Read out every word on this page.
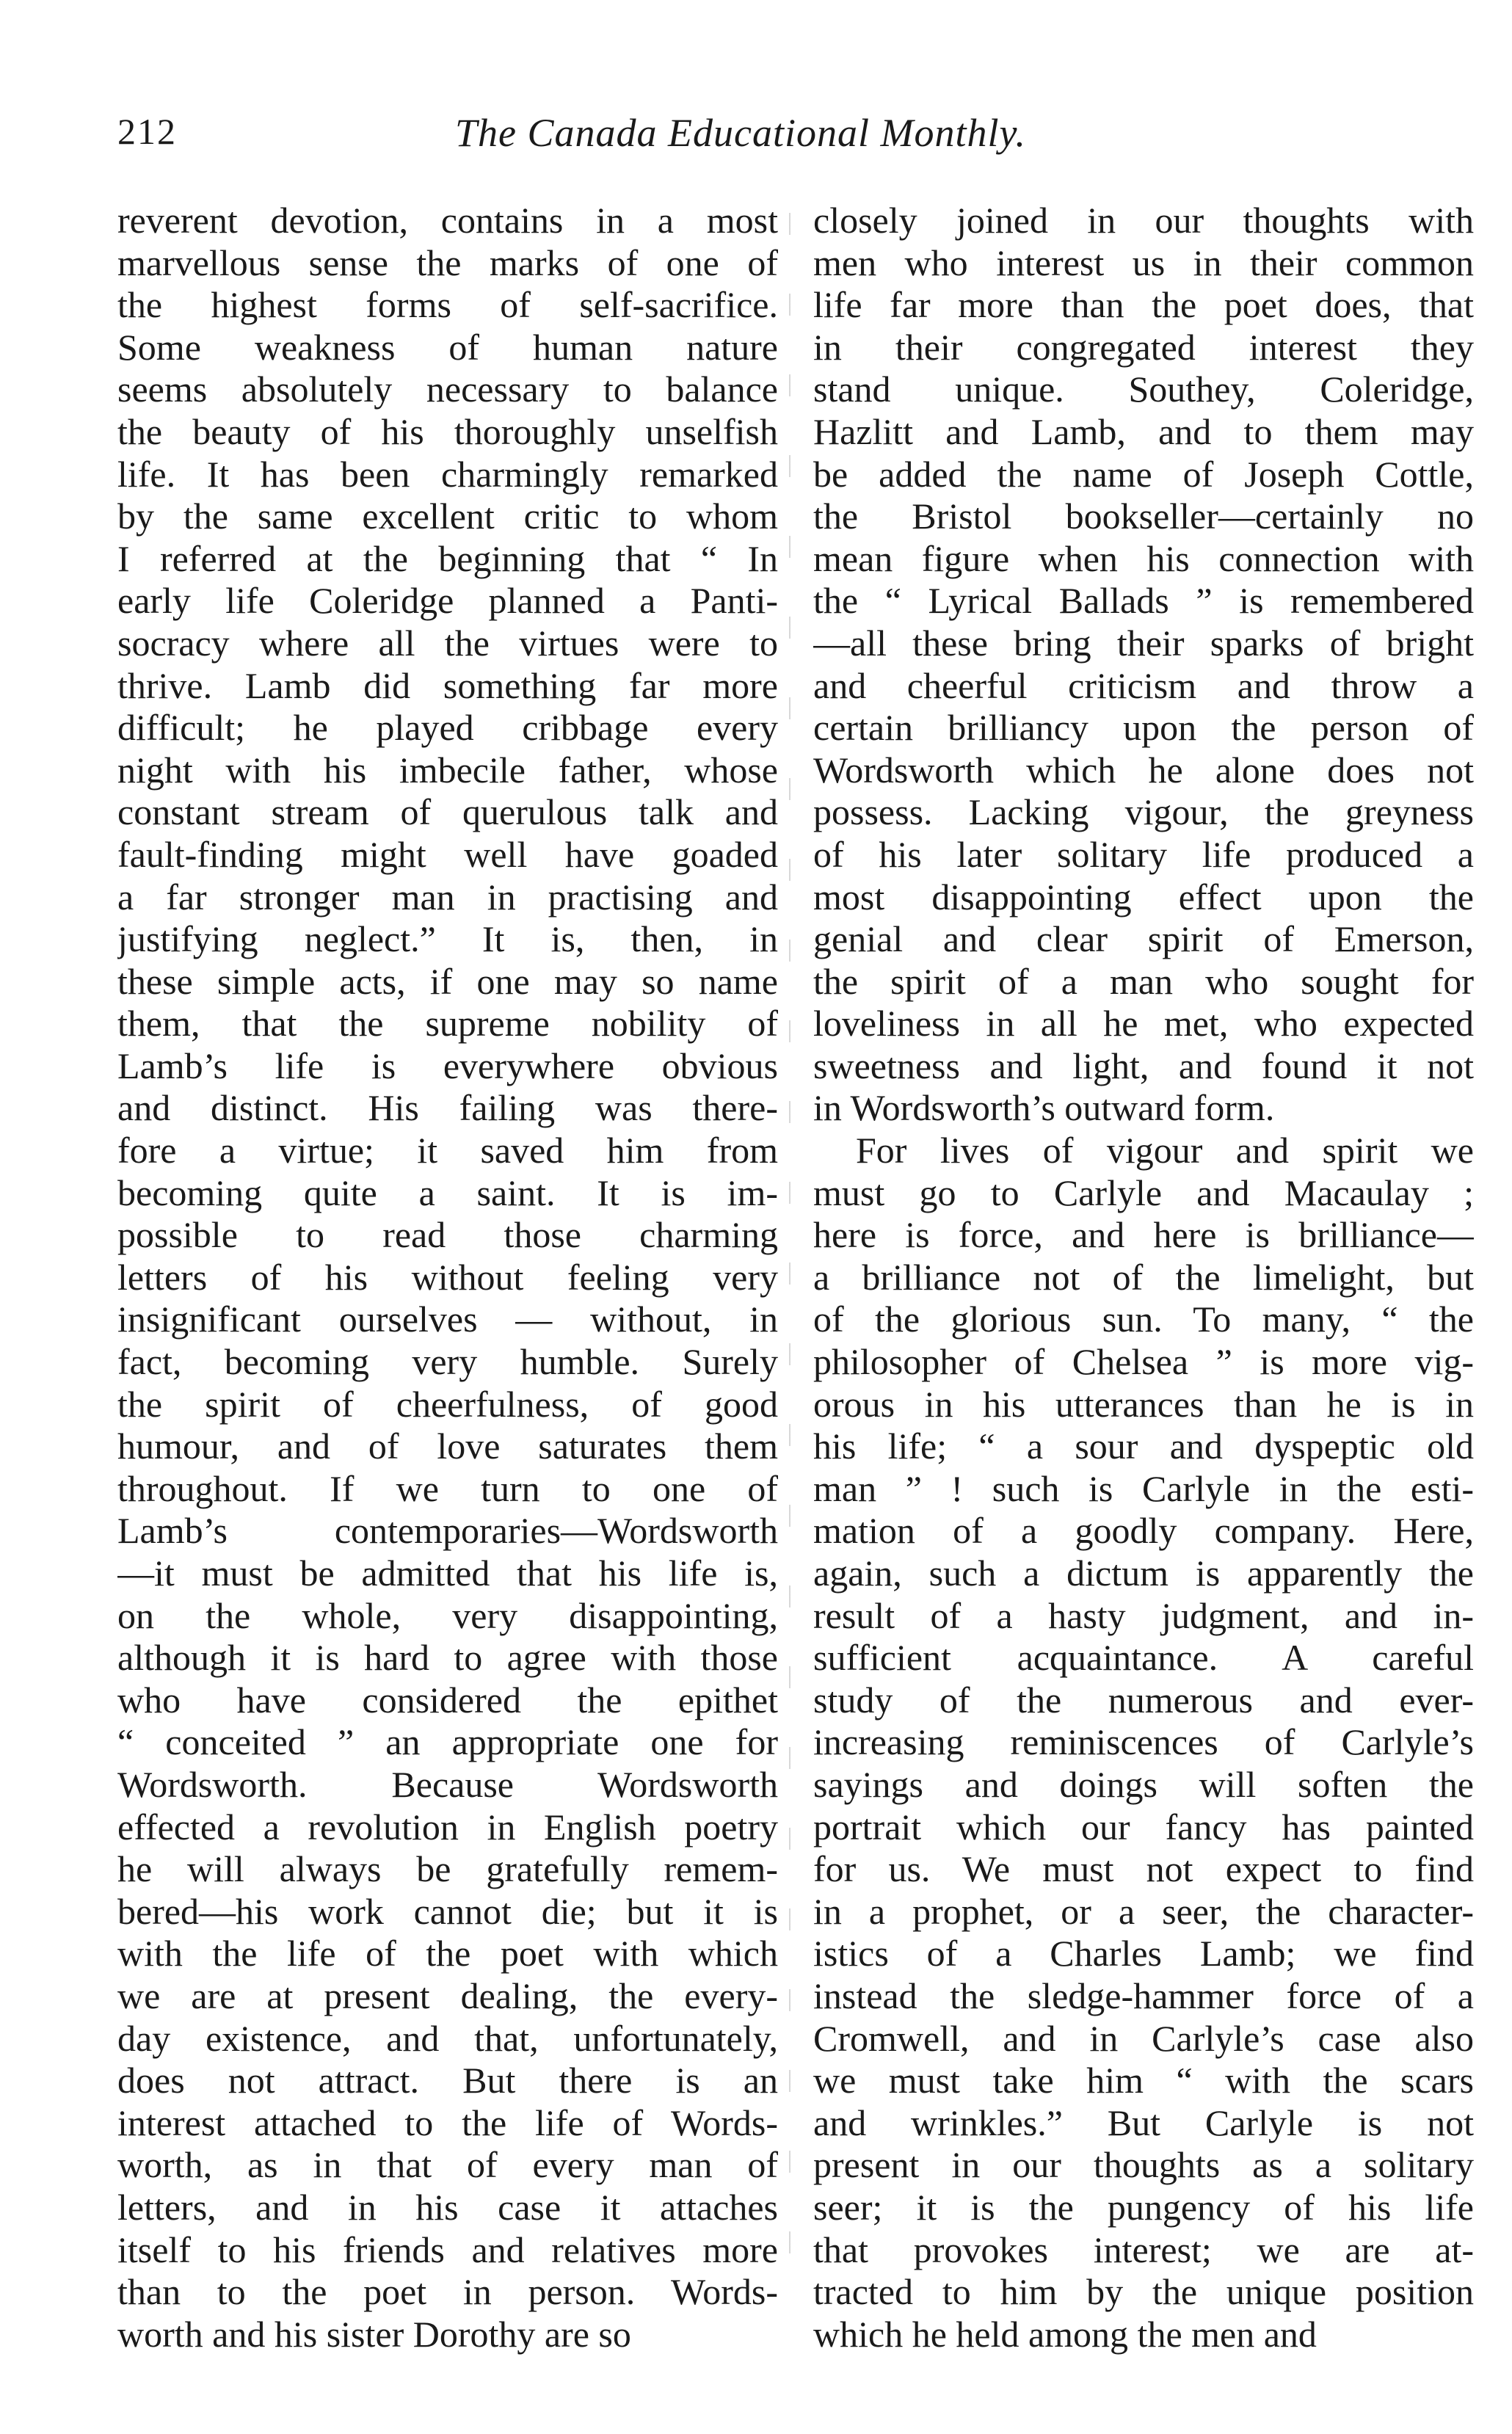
212	The Canada Educational Monthly.
reverent devotion, contains in a most
marvellous sense the marks of one of
the highest forms of self-sacrifice.
Some weakness of human nature
seems absolutely necessary to balance
the beauty of his thoroughly unselfish
life. It has been charmingly remarked
by the same excellent critic to whom
I referred at the beginning that “ In
early life Coleridge planned a Panti-
socracy where all the virtues were to
thrive. Lamb did something far more
difficult; he played cribbage every
night with his imbecile father, whose
constant stream of querulous talk and
fault-finding might well have goaded
a far stronger man in practising and
justifying neglect.” It is, then, in
these simple acts, if one may so name
them, that the supreme nobility of
Lamb’s life is everywhere obvious
and distinct. His failing was there-
fore a virtue; it saved him from
becoming quite a saint. It is im-
possible to read those charming
letters of his without feeling very
insignificant ourselves — without, in
fact, becoming very humble. Surely
the spirit of cheerfulness, of good
humour, and of love saturates them
throughout. If we turn to one of
Lamb’s contemporaries—Wordsworth
—it must be admitted that his life is,
on the whole, very disappointing,
although it is hard to agree with those
who have considered the epithet
“ conceited ” an appropriate one for
Wordsworth. Because Wordsworth
effected a revolution in English poetry
he will always be gratefully remem-
bered—his work cannot die; but it is
with the life of the poet with which
we are at present dealing, the every-
day existence, and that, unfortunately,
does not attract. But there is an
interest attached to the life of Words-
worth, as in that of every man of
letters, and in his case it attaches
itself to his friends and relatives more
than to the poet in person. Words-
worth and his sister Dorothy are so
closely joined in our thoughts with
men who interest us in their common
life far more than the poet does, that
in their congregated interest they
stand unique. Southey, Coleridge,
Hazlitt and Lamb, and to them may
be added the name of Joseph Cottle,
the Bristol bookseller—certainly no
mean figure when his connection with
the “ Lyrical Ballads ” is remembered
—all these bring their sparks of bright
and cheerful criticism and throw a
certain brilliancy upon the person of
Wordsworth which he alone does not
possess. Lacking vigour, the greyness
of his later solitary life produced a
most disappointing effect upon the
genial and clear spirit of Emerson,
the spirit of a man who sought for
loveliness in all he met, who expected
sweetness and light, and found it not
in Wordsworth’s outward form.
For lives of vigour and spirit we
must go to Carlyle and Macaulay ;
here is force, and here is brilliance—
a brilliance not of the limelight, but
of the glorious sun. To many, “ the
philosopher of Chelsea ” is more vig-
orous in his utterances than he is in
his life; “ a sour and dyspeptic old
man ” ! such is Carlyle in the esti-
mation of a goodly company. Here,
again, such a dictum is apparently the
result of a hasty judgment, and in-
sufficient acquaintance. A careful
study of the numerous and ever-
increasing reminiscences of Carlyle’s
sayings and doings will soften the
portrait which our fancy has painted
for us. We must not expect to find
in a prophet, or a seer, the character-
istics of a Charles Lamb; we find
instead the sledge-hammer force of a
Cromwell, and in Carlyle’s case also
we must take him “ with the scars
and wrinkles.” But Carlyle is not
present in our thoughts as a solitary
seer; it is the pungency of his life
that provokes interest; we are at-
tracted to him by the unique position
which he held among the men and
